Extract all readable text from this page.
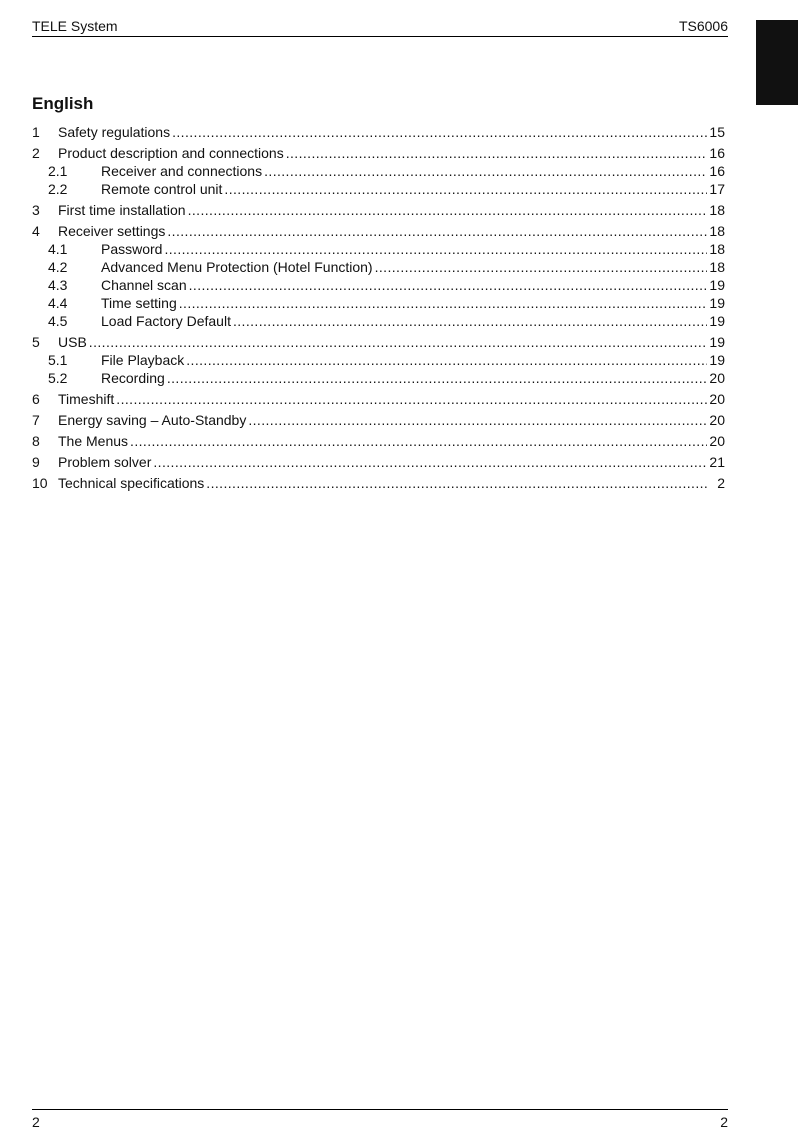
TELE System	TS6006
English
1	Safety regulations .....	15
2	Product description and connections .....	16
2.1	Receiver and connections .....	16
2.2	Remote control unit .....	17
3	First time installation .....	18
4	Receiver settings .....	18
4.1	Password .....	18
4.2	Advanced Menu Protection (Hotel Function) .....	18
4.3	Channel scan .....	19
4.4	Time setting .....	19
4.5	Load Factory Default .....	19
5	USB .....	19
5.1	File Playback .....	19
5.2	Recording .....	20
6	Timeshift .....	20
7	Energy saving – Auto-Standby .....	20
8	The Menus .....	20
9	Problem solver .....	21
10 Technical specifications .....	2
2	2
